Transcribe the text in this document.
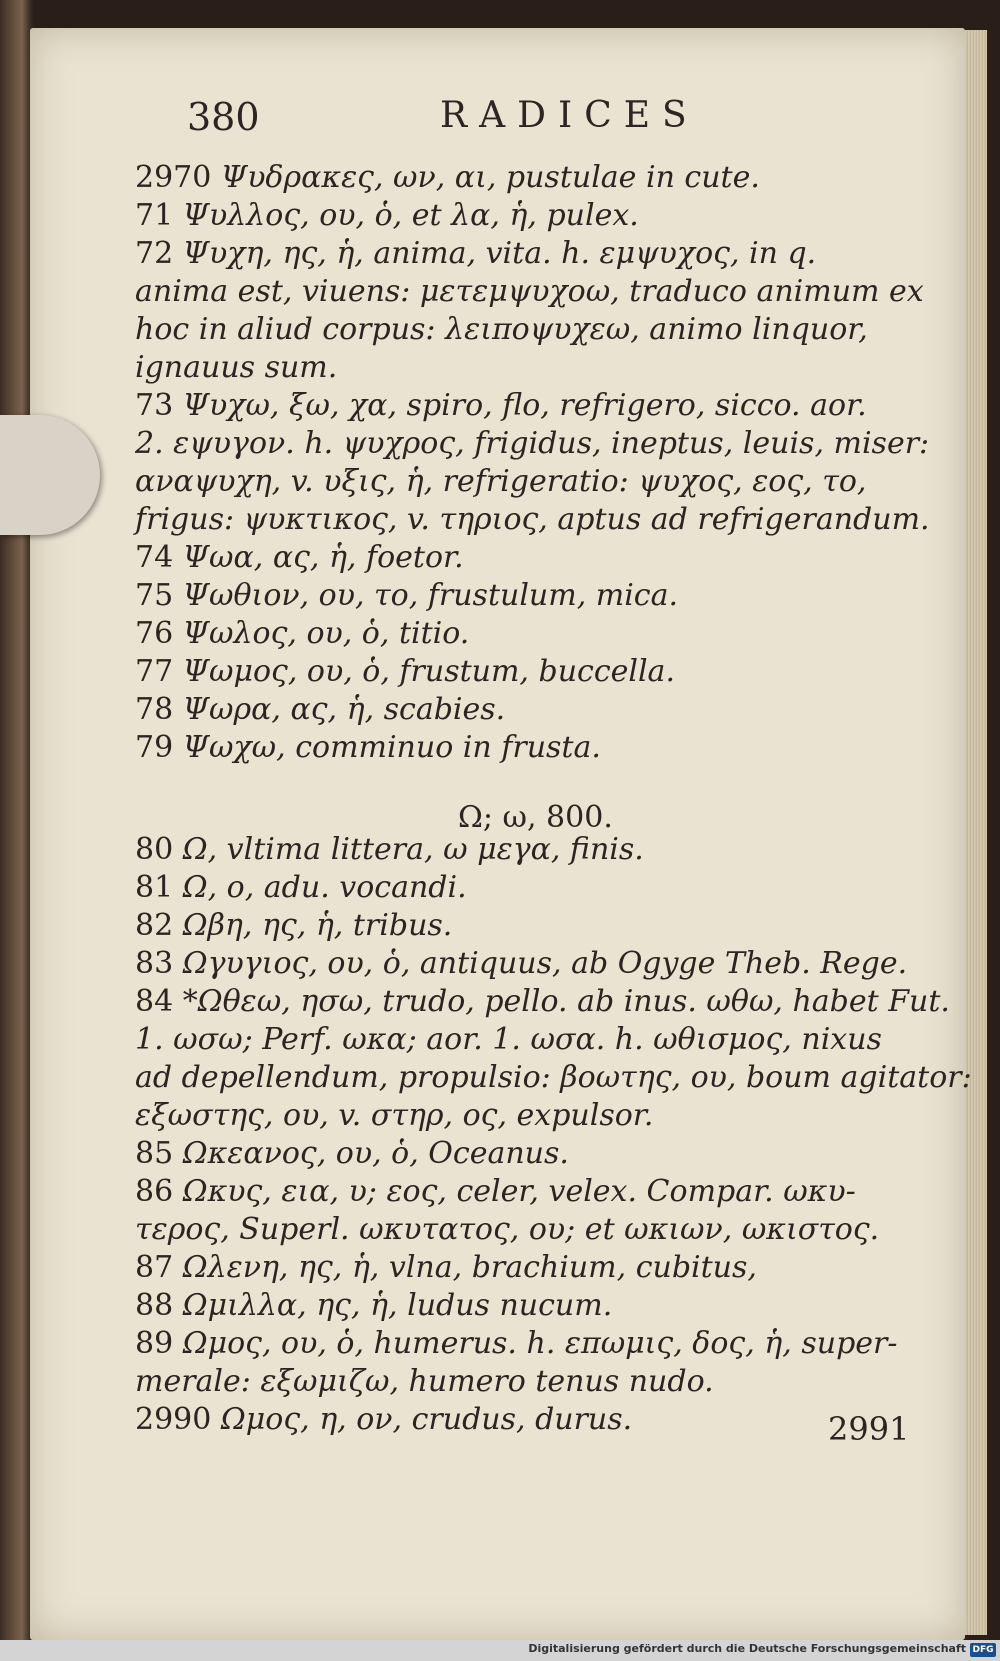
380	RADICES
2970 Ψυδρακες, ων, αι, pustulae in cute.
71 Ψυλλος, ου, ὁ, et λα, ἡ, pulex.
72 Ψυχη, ης, ἡ, anima, vita. h. εμψυχος, in q.
anima est, viuens: μετεμψυχοω, traduco animum ex
hoc in aliud corpus: λειποψυχεω, animo linquor,
ignauus sum.
73 Ψυχω, ξω, χα, spiro, flo, refrigero, sicco. aor.
2. εψυγον. h. ψυχρος, frigidus, ineptus, leuis, miser:
αναψυχη, v. υξις, ἡ, refrigeratio: ψυχος, εος, το,
frigus: ψυκτικος, v. τηριος, aptus ad refrigerandum.
74 Ψωα, ας, ἡ, foetor.
75 Ψωθιον, ου, το, frustulum, mica.
76 Ψωλος, ου, ὁ, titio.
77 Ψωμος, ου, ὁ, frustum, buccella.
78 Ψωρα, ας, ἡ, scabies.
79 Ψωχω, comminuo in frusta.
Ω; ω, 800.
80 Ω, vltima littera, ω μεγα, finis.
81 Ω, o, adu. vocandi.
82 Ωβη, ης, ἡ, tribus.
83 Ωγυγιος, ου, ὁ, antiquus, ab Ogyge Theb. Rege.
84 *Ωθεω, ησω, trudo, pello. ab inus. ωθω, habet Fut.
1. ωσω; Perf. ωκα; aor. 1. ωσα. h. ωθισμος, nixus
ad depellendum, propulsio: βοωτης, ου, boum agitator:
εξωστης, ου, v. στηρ, ος, expulsor.
85 Ωκεανος, ου, ὁ, Oceanus.
86 Ωκυς, εια, υ; εος, celer, velex. Compar. ωκυ-
τερος, Superl. ωκυτατος, ου; et ωκιων, ωκιστος.
87 Ωλενη, ης, ἡ, vlna, brachium, cubitus,
88 Ωμιλλα, ης, ἡ, ludus nucum.
89 Ωμος, ου, ὁ, humerus. h. επωμις, δος, ἡ, super-
merale: εξωμιζω, humero tenus nudo.
2990 Ωμος, η, ον, crudus, durus.	2991
Digitalisierung gefördert durch die Deutsche Forschungsgemeinschaft DFG
